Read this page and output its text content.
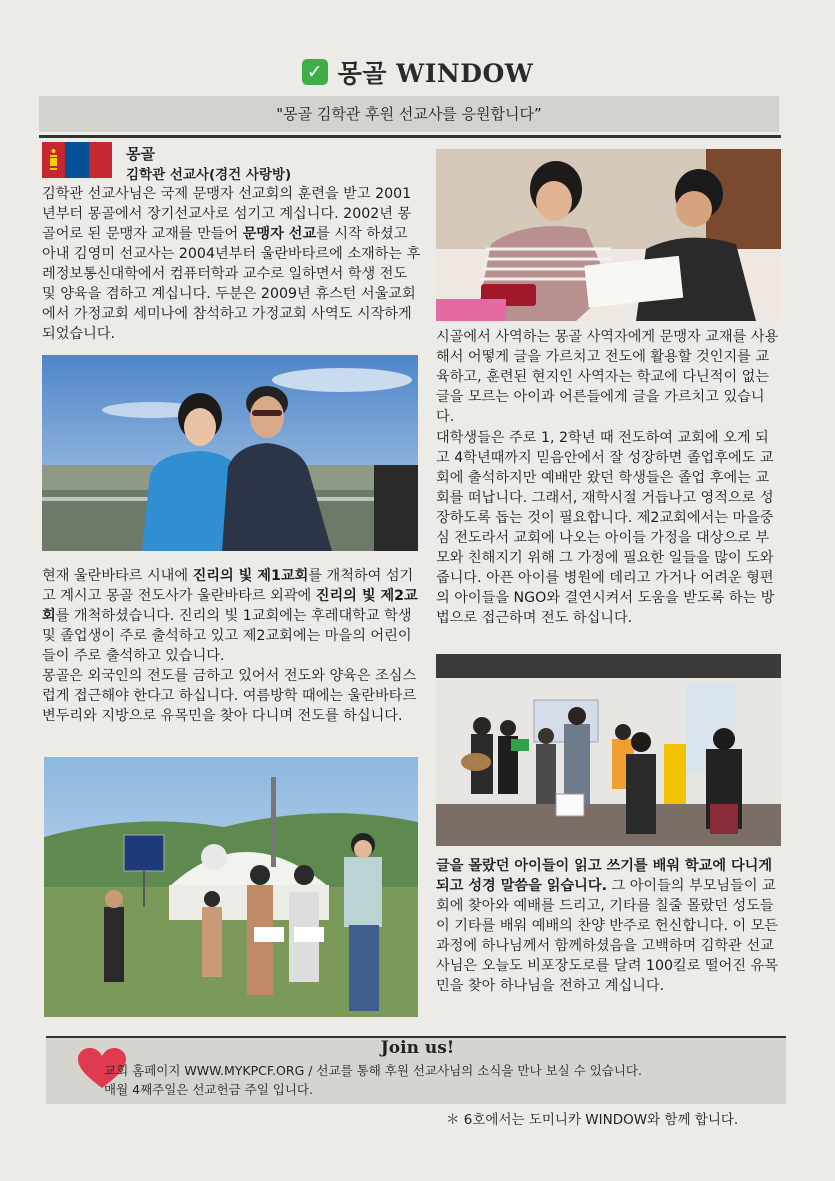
✓ 몽골 WINDOW
"몽골 김학관 후원 선교사를 응원합니다”
몽골
김학관 선교사(경건 사랑방)

김학관 선교사님은 국제 문맹자 선교회의 훈련을 받고 2001년부터 몽골에서 장기선교사로 섬기고 계십니다. 2002년 몽골어로 된 문맹자 교재를 만들어 문맹자 선교를 시작 하셨고 아내 김영미 선교사는 2004년부터 울란바타르에 소재하는 후레정보통신대학에서 컴퓨터학과 교수로 일하면서 학생 전도 및 양육을 겸하고 계십니다. 두분은 2009년 휴스턴 서울교회에서 가정교회 세미나에 참석하고 가정교회 사역도 시작하게 되었습니다.

현재 울란바타르 시내에 진리의 빛 제1교회를 개척하여 섬기고 계시고 몽골 전도사가 울란바타르 외곽에 진리의 빛 제2교회를 개척하셨습니다. 진리의 빛 1교회에는 후레대학교 학생및 졸업생이 주로 출석하고 있고 제2교회에는 마을의 어린이들이 주로 출석하고 있습니다.
몽골은 외국인의 전도를 금하고 있어서 전도와 양육은 조심스럽게 접근해야 한다고 하십니다. 여름방학 때에는 울란바타르 변두리와 지방으로 유목민을 찾아 다니며 전도를 하십니다.

시골에서 사역하는 몽골 사역자에게 문맹자 교재를 사용해서 어떻게 글을 가르치고 전도에 활용할 것인지를 교육하고, 훈련된 현지인 사역자는 학교에 다닌적이 없는 글을 모르는 아이과 어른들에게 글을 가르치고 있습니다.

대학생들은 주로 1, 2학년 때 전도하여 교회에 오게 되고 4학년때까지 믿음안에서 잘 성장하면 졸업후에도 교회에 출석하지만 예배만 왔던 학생들은 졸업 후에는 교회를 떠납니다. 그래서, 재학시절 거듭나고 영적으로 성장하도록 돕는 것이 필요합니다. 제2교회에서는 마을중심 전도라서 교회에 나오는 아이들 가정을 대상으로 부모와 친해지기 위해 그 가정에 필요한 일들을 많이 도와줍니다. 아픈 아이를 병원에 데리고 가거나 어려운 형편의 아이들을 NGO와 결연시켜서 도움을 받도록 하는 방법으로 접근하며 전도 하십니다.

글을 몰랐던 아이들이 읽고 쓰기를 배워 학교에 다니게 되고 성경 말씀을 읽습니다. 그 아이들의 부모님들이 교회에 찾아와 예배를 드리고, 기타를 칠줄 몰랐던 성도들이 기타를 배워 예배의 찬양 반주로 헌신합니다. 이 모든 과정에 하나님께서 함께하셨음을 고백하며 김학관 선교사님은 오늘도 비포장도로를 달려 100킬로 떨어진 유목민을 찾아 하나님을 전하고 계십니다.

Join us!
교회 홈페이지 WWW.MYKPCF.ORG / 선교를 통해 후원 선교사님의 소식을 만나 보실 수 있습니다.
매월 4째주일은 선교헌금 주일 입니다.
＊ 6호에서는 도미니카 WINDOW와 함께 합니다.
